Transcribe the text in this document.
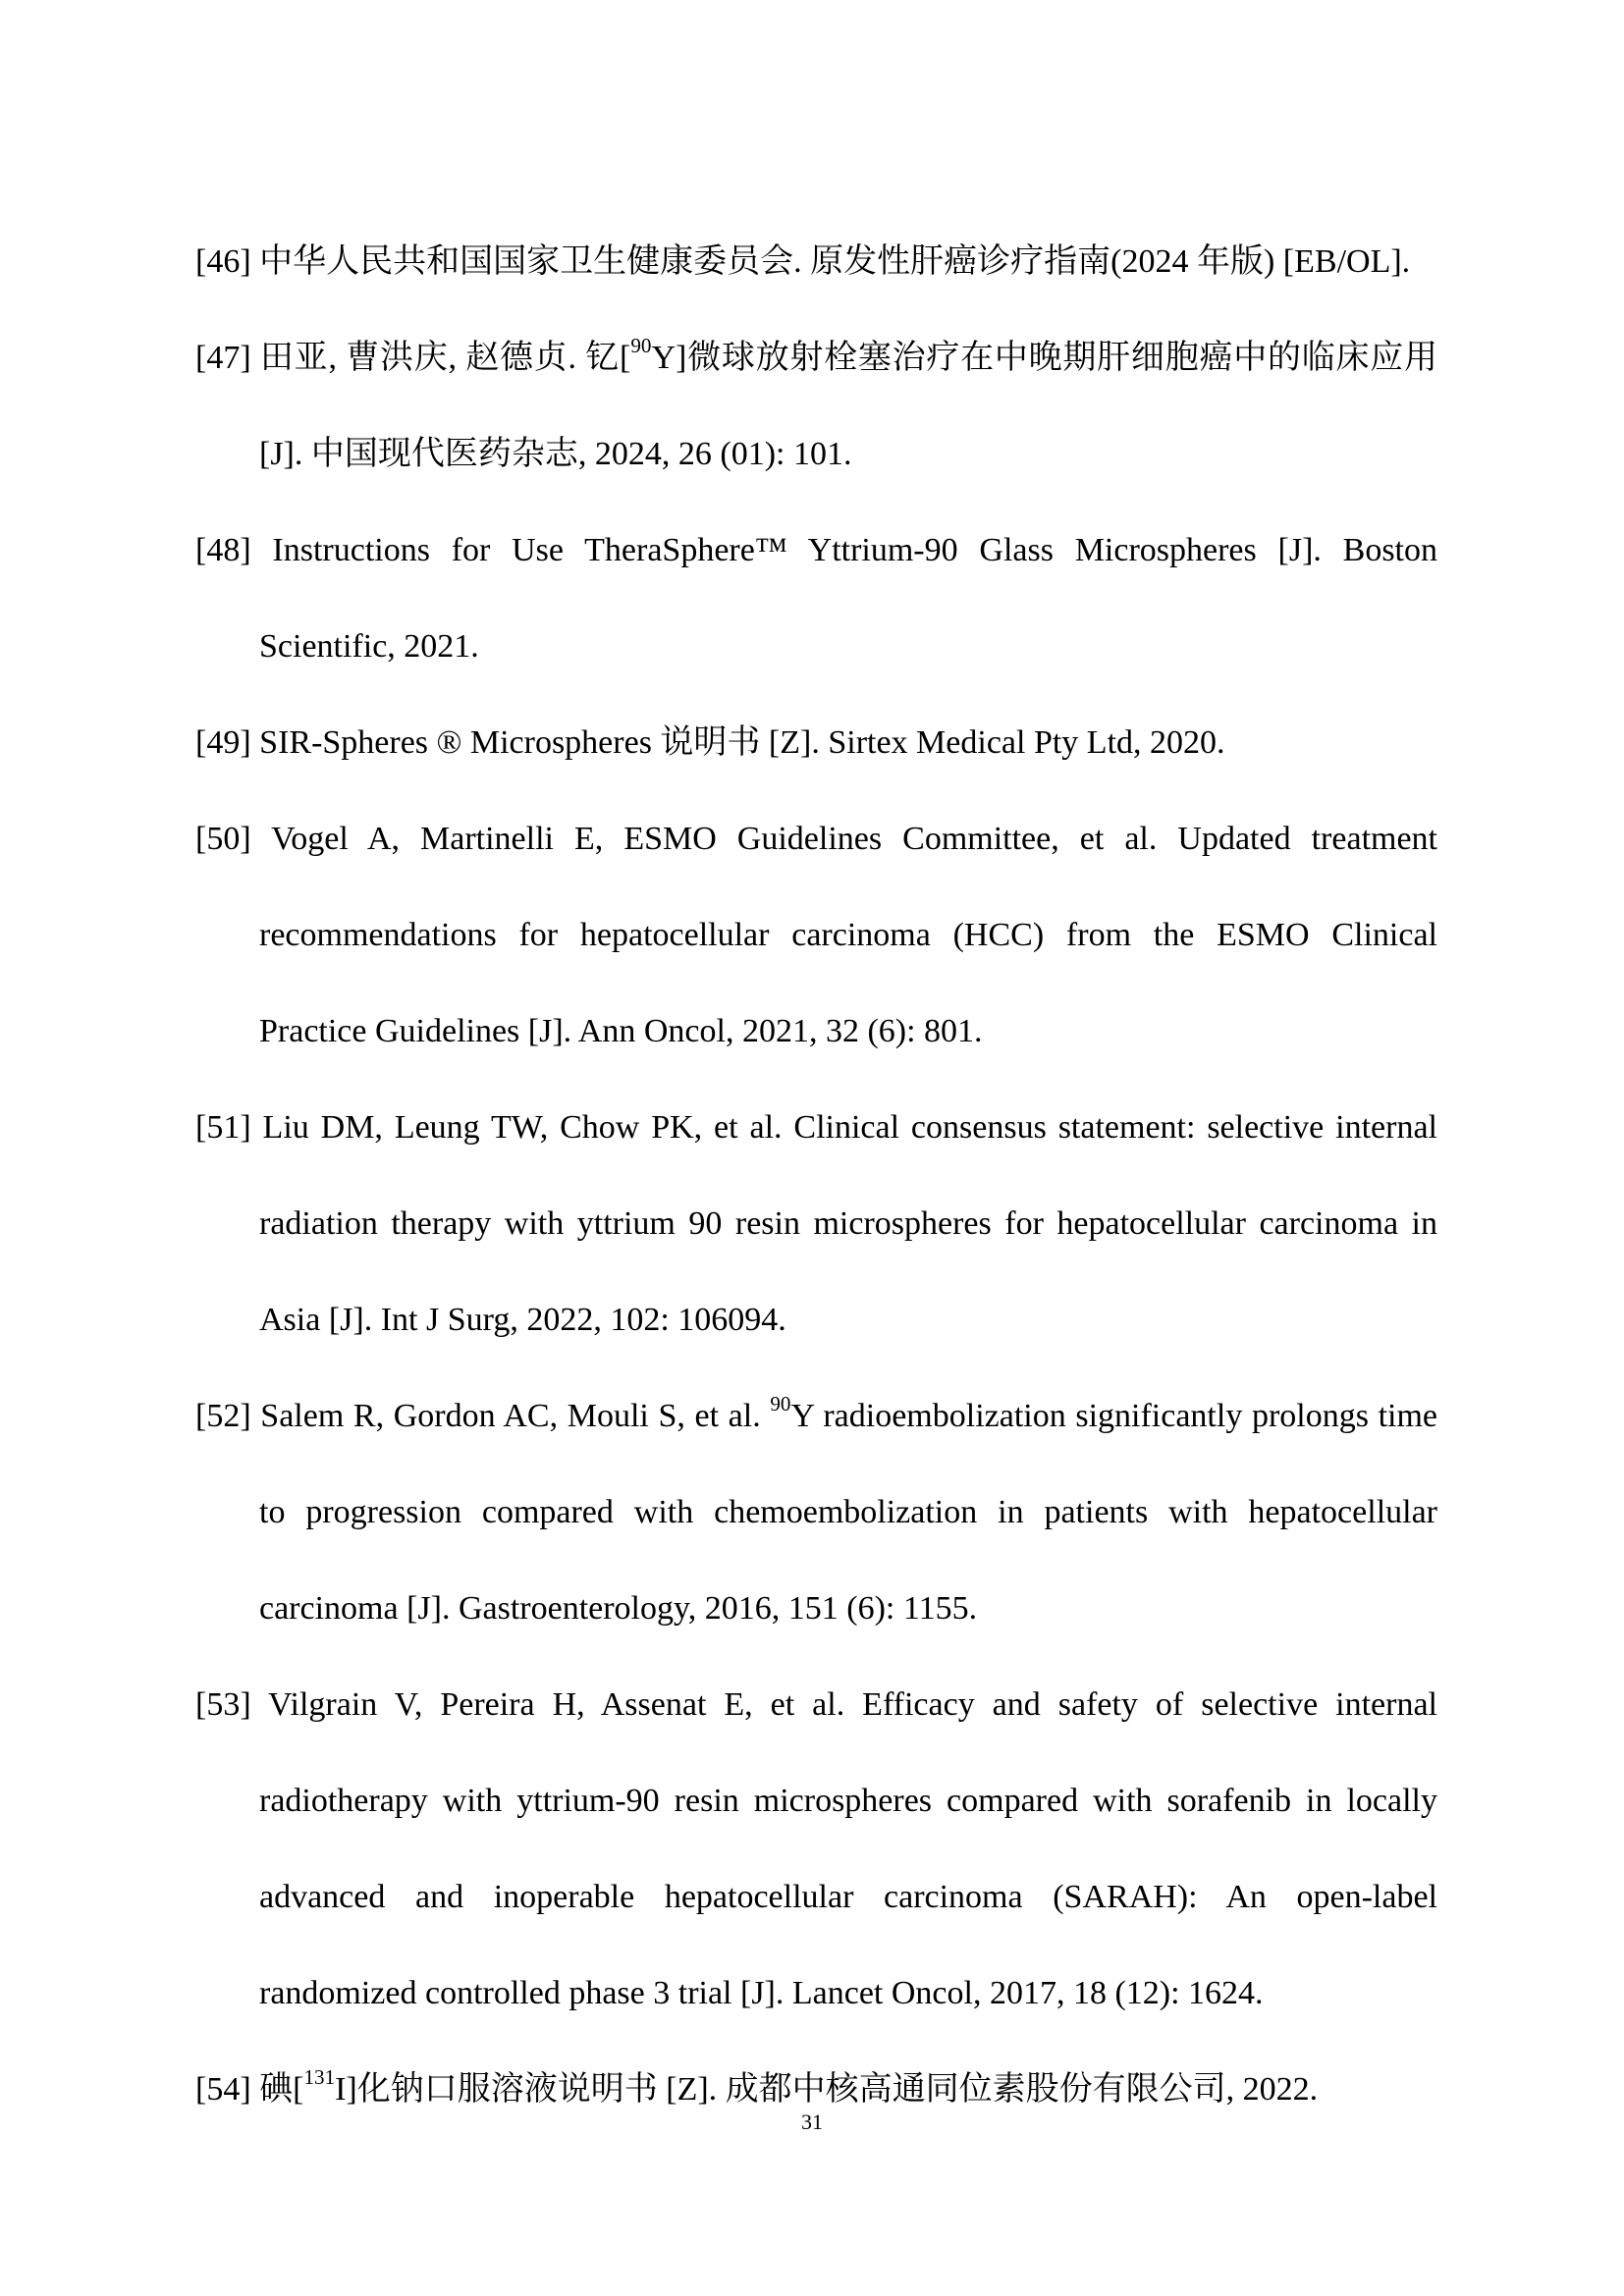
[46] 中华人民共和国国家卫生健康委员会. 原发性肝癌诊疗指南(2024 年版) [EB/OL].
[47] 田亚, 曹洪庆, 赵德贞. 钇[$^{90}$Y]微球放射栓塞治疗在中晚期肝细胞癌中的临床应用 [J]. 中国现代医药杂志, 2024, 26 (01): 101.
[48] Instructions for Use TheraSphere™ Yttrium-90 Glass Microspheres [J]. Boston Scientific, 2021.
[49] SIR-Spheres ® Microspheres 说明书 [Z]. Sirtex Medical Pty Ltd, 2020.
[50] Vogel A, Martinelli E, ESMO Guidelines Committee, et al. Updated treatment recommendations for hepatocellular carcinoma (HCC) from the ESMO Clinical Practice Guidelines [J]. Ann Oncol, 2021, 32 (6): 801.
[51] Liu DM, Leung TW, Chow PK, et al. Clinical consensus statement: selective internal radiation therapy with yttrium 90 resin microspheres for hepatocellular carcinoma in Asia [J]. Int J Surg, 2022, 102: 106094.
[52] Salem R, Gordon AC, Mouli S, et al. $^{90}$Y radioembolization significantly prolongs time to progression compared with chemoembolization in patients with hepatocellular carcinoma [J]. Gastroenterology, 2016, 151 (6): 1155.
[53] Vilgrain V, Pereira H, Assenat E, et al. Efficacy and safety of selective internal radiotherapy with yttrium-90 resin microspheres compared with sorafenib in locally advanced and inoperable hepatocellular carcinoma (SARAH): An open-label randomized controlled phase 3 trial [J]. Lancet Oncol, 2017, 18 (12): 1624.
[54] 碘[$^{131}$I]化钠口服溶液说明书 [Z]. 成都中核高通同位素股份有限公司, 2022.
31
